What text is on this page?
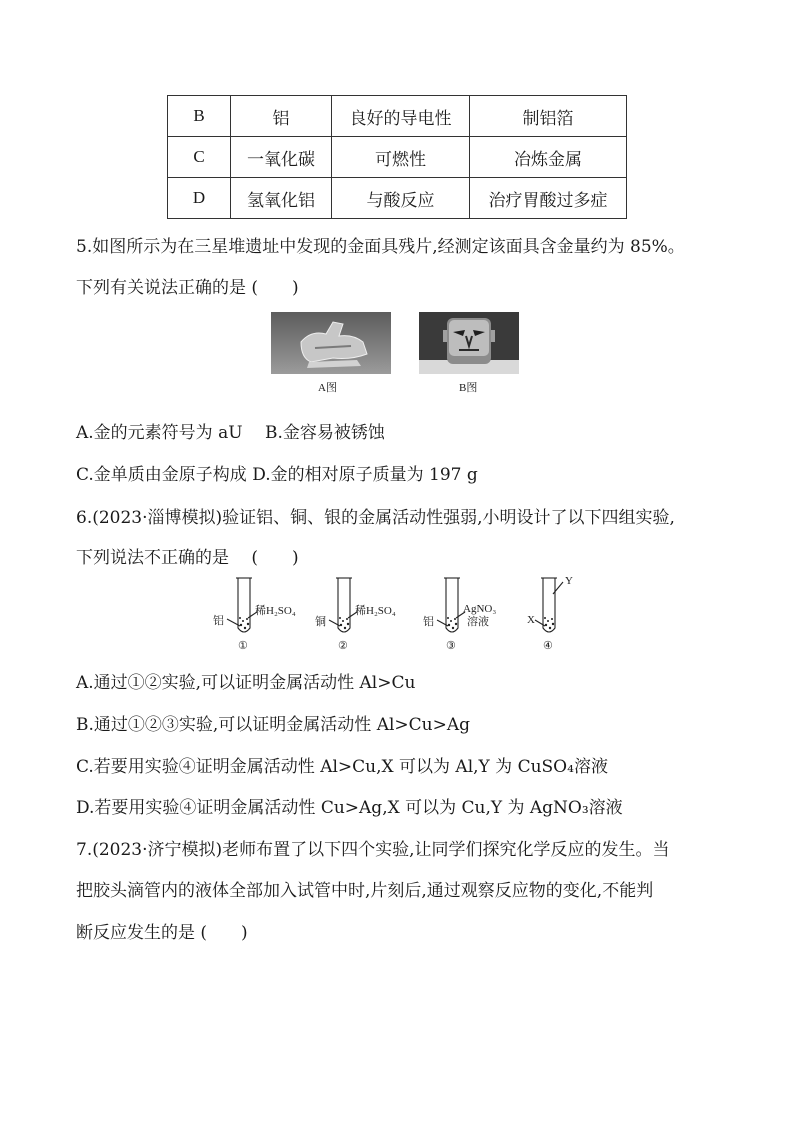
B	铝	良好的导电性	制铝箔
C	一氧化碳	可燃性	冶炼金属
D	氢氧化铝	与酸反应	治疗胃酸过多症
5.如图所示为在三星堆遗址中发现的金面具残片,经测定该面具含金量约为 85%。
下列有关说法正确的是 (　　)
A图	B图
A.金的元素符号为 aU　 B.金容易被锈蚀
C.金单质由金原子构成 D.金的相对原子质量为 197 g
6.(2023·淄博模拟)验证铝、铜、银的金属活动性强弱,小明设计了以下四组实验,
下列说法不正确的是　 (　　)
铝
稀H₂SO₄
①
铜
稀H₂SO₄
②
铝
AgNO₃
溶液
③
X
Y
④
A.通过①②实验,可以证明金属活动性 Al>Cu
B.通过①②③实验,可以证明金属活动性 Al>Cu>Ag
C.若要用实验④证明金属活动性 Al>Cu,X 可以为 Al,Y 为 CuSO₄溶液
D.若要用实验④证明金属活动性 Cu>Ag,X 可以为 Cu,Y 为 AgNO₃溶液
7.(2023·济宁模拟)老师布置了以下四个实验,让同学们探究化学反应的发生。当
把胶头滴管内的液体全部加入试管中时,片刻后,通过观察反应物的变化,不能判
断反应发生的是 (　　)
